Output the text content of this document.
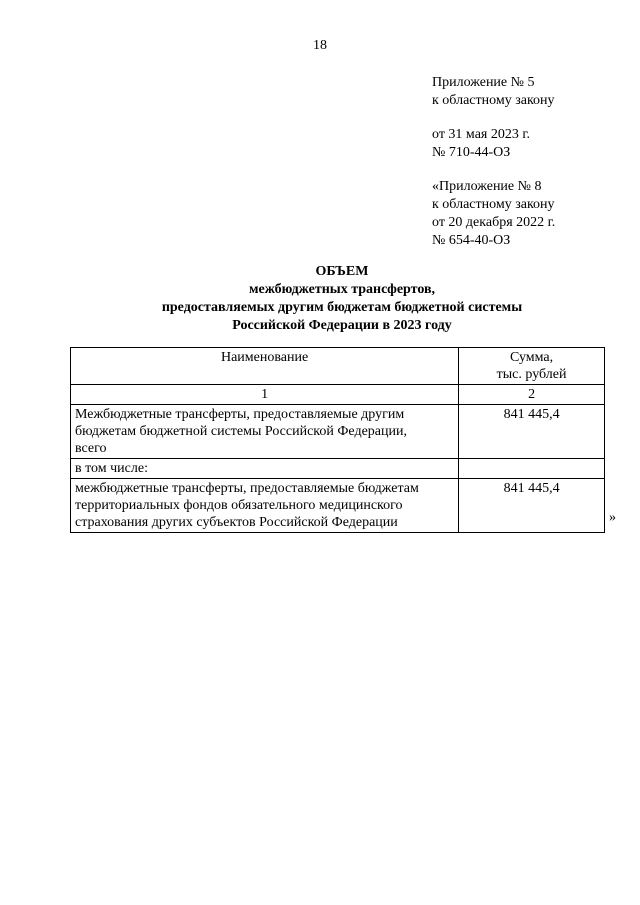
18
Приложение № 5
к областному закону
от 31 мая 2023 г.
№ 710-44-ОЗ
«Приложение № 8
к областному закону
от 20 декабря 2022 г.
№ 654-40-ОЗ
ОБЪЕМ
межбюджетных трансфертов,
предоставляемых другим бюджетам бюджетной системы
Российской Федерации в 2023 году
Наименование	Сумма,
тыс. рублей

1	2

Межбюджетные трансферты, предоставляемые другим
бюджетам бюджетной системы Российской Федерации,
всего	841 445,4

в том числе:	

межбюджетные трансферты, предоставляемые бюджетам
территориальных фондов обязательного медицинского
страхования других субъектов Российской Федерации	841 445,4
»
